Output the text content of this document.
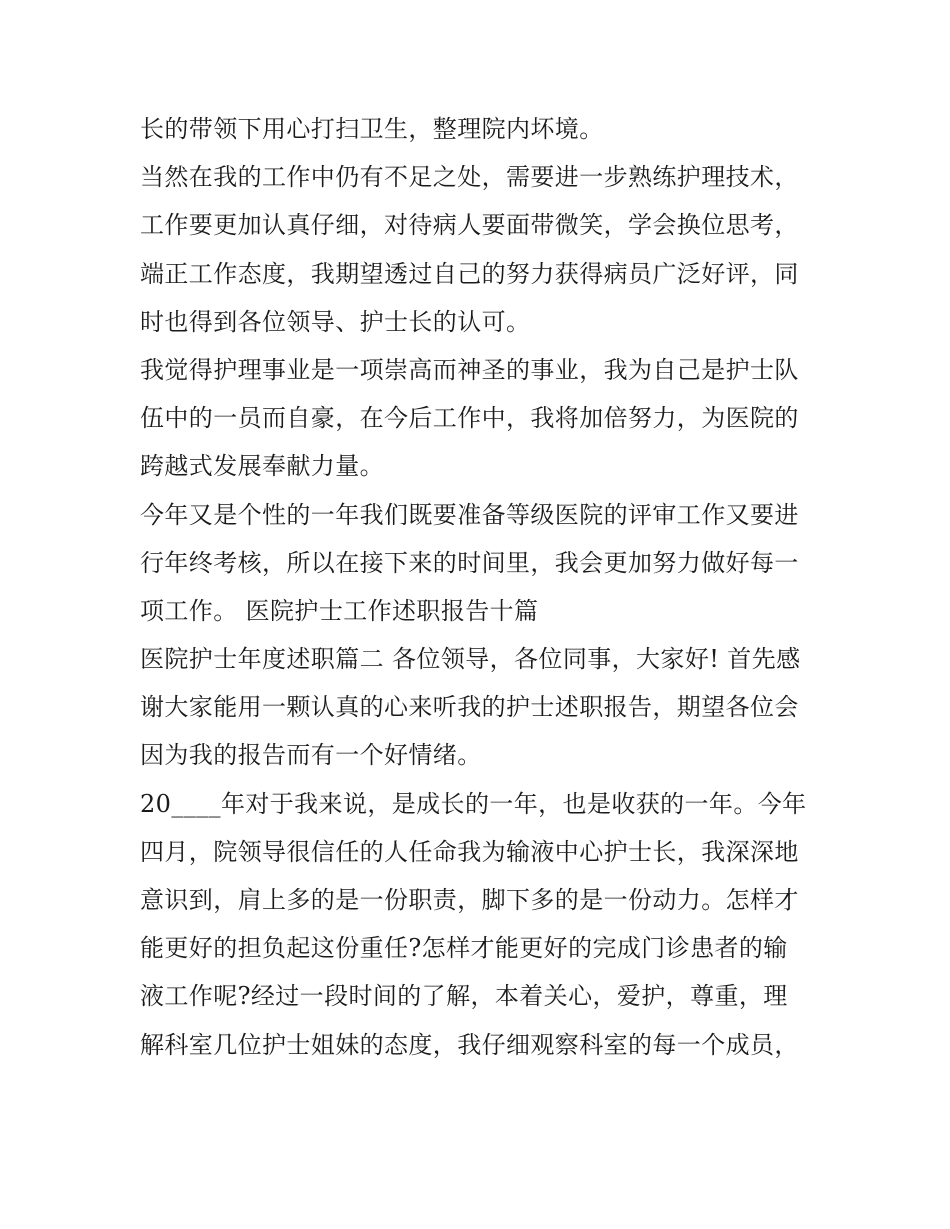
长的带领下用心打扫卫生，整理院内坏境。
当然在我的工作中仍有不足之处，需要进一步熟练护理技术，
工作要更加认真仔细，对待病人要面带微笑，学会换位思考，
端正工作态度，我期望透过自己的努力获得病员广泛好评，同
时也得到各位领导、护士长的认可。
我觉得护理事业是一项崇高而神圣的事业，我为自己是护士队
伍中的一员而自豪，在今后工作中，我将加倍努力，为医院的
跨越式发展奉献力量。
今年又是个性的一年我们既要准备等级医院的评审工作又要进
行年终考核，所以在接下来的时间里，我会更加努力做好每一
项工作。 医院护士工作述职报告十篇
医院护士年度述职篇二 各位领导，各位同事，大家好! 首先感
谢大家能用一颗认真的心来听我的护士述职报告，期望各位会
因为我的报告而有一个好情绪。
20____年对于我来说，是成长的一年，也是收获的一年。今年
四月，院领导很信任的人任命我为输液中心护士长，我深深地
意识到，肩上多的是一份职责，脚下多的是一份动力。怎样才
能更好的担负起这份重任?怎样才能更好的完成门诊患者的输
液工作呢?经过一段时间的了解，本着关心，爱护，尊重，理
解科室几位护士姐妹的态度，我仔细观察科室的每一个成员，
